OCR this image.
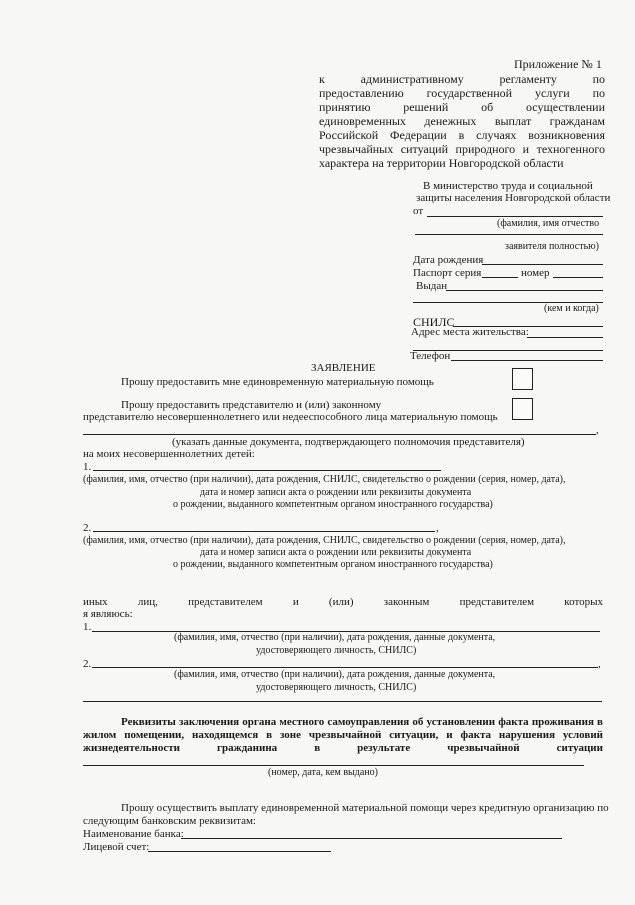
Приложение № 1
к административному регламенту по
предоставлению государственной услуги по
принятию решений об осуществлении
единовременных денежных выплат гражданам
Российской Федерации в случаях возникновения
чрезвычайных ситуаций природного и техногенного
характера на территории Новгородской области
В министерство труда и социальной
защиты населения Новгородской области
от
(фамилия, имя отчество
заявителя полностью)
Дата рождения
Паспорт серия	номер
Выдан
(кем и когда)
СНИЛС
Адрес места жительства:
Телефон
ЗАЯВЛЕНИЕ
Прошу предоставить мне единовременную материальную помощь
Прошу предоставить представителю и (или) законному
представителю несовершеннолетнего или недееспособного лица материальную помощь
,
(указать данные документа, подтверждающего полномочия представителя)
на моих несовершеннолетних детей:
1.
(фамилия, имя, отчество (при наличии), дата рождения, СНИЛС, свидетельство о рождении (серия, номер, дата),
дата и номер записи акта о рождении или реквизиты документа
о рождении, выданного компетентным органом иностранного государства)
2.	,
(фамилия, имя, отчество (при наличии), дата рождения, СНИЛС, свидетельство о рождении (серия, номер, дата),
дата и номер записи акта о рождении или реквизиты документа
о рождении, выданного компетентным органом иностранного государства)
иных	лиц,	представителем	и	(или)	законным	представителем	которых
я являюсь:
1.
(фамилия, имя, отчество (при наличии), дата рождения, данные документа,
удостоверяющего личность, СНИЛС)
2.	,
(фамилия, имя, отчество (при наличии), дата рождения, данные документа,
удостоверяющего личность, СНИЛС)
Реквизиты заключения органа местного самоуправления об установлении факта проживания в
жилом помещении, находящемся в зоне чрезвычайной ситуации, и факта нарушения условий
жизнедеятельности	гражданина	в	результате	чрезвычайной	ситуации
(номер, дата, кем выдано)
Прошу осуществить выплату единовременной материальной помощи через кредитную организацию по
следующим банковским реквизитам:
Наименование банка:
Лицевой счет:
